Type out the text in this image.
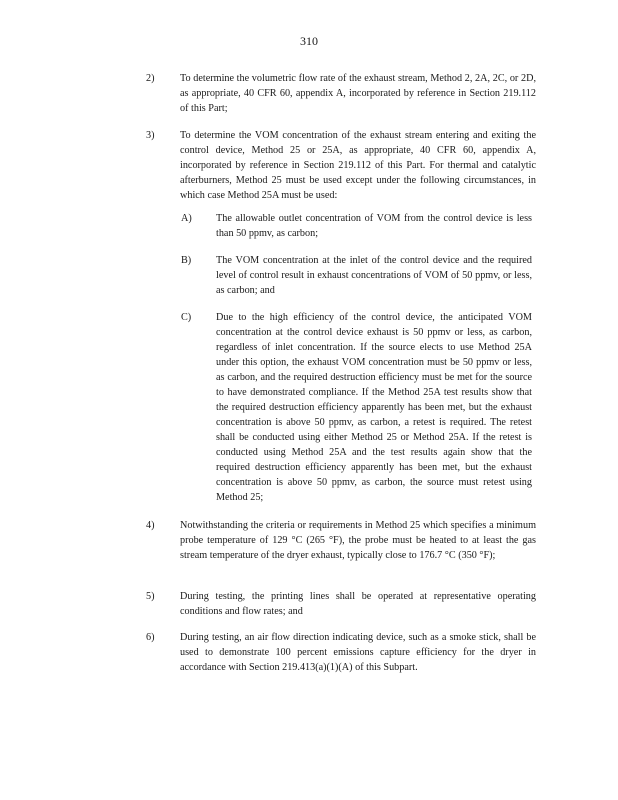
310
2)	To determine the volumetric flow rate of the exhaust stream, Method 2, 2A, 2C, or 2D, as appropriate, 40 CFR 60, appendix A, incorporated by reference in Section 219.112 of this Part;
3)	To determine the VOM concentration of the exhaust stream entering and exiting the control device, Method 25 or 25A, as appropriate, 40 CFR 60, appendix A, incorporated by reference in Section 219.112 of this Part. For thermal and catalytic afterburners, Method 25 must be used except under the following circumstances, in which case Method 25A must be used:
A) The allowable outlet concentration of VOM from the control device is less than 50 ppmv, as carbon;
B) The VOM concentration at the inlet of the control device and the required level of control result in exhaust concentrations of VOM of 50 ppmv, or less, as carbon; and
C) Due to the high efficiency of the control device, the anticipated VOM concentration at the control device exhaust is 50 ppmv or less, as carbon, regardless of inlet concentration. If the source elects to use Method 25A under this option, the exhaust VOM concentration must be 50 ppmv or less, as carbon, and the required destruction efficiency must be met for the source to have demonstrated compliance. If the Method 25A test results show that the required destruction efficiency apparently has been met, but the exhaust concentration is above 50 ppmv, as carbon, a retest is required. The retest shall be conducted using either Method 25 or Method 25A. If the retest is conducted using Method 25A and the test results again show that the required destruction efficiency apparently has been met, but the exhaust concentration is above 50 ppmv, as carbon, the source must retest using Method 25;
4)	Notwithstanding the criteria or requirements in Method 25 which specifies a minimum probe temperature of 129 °C (265 °F), the probe must be heated to at least the gas stream temperature of the dryer exhaust, typically close to 176.7 °C (350 °F);
5)	During testing, the printing lines shall be operated at representative operating conditions and flow rates; and
6)	During testing, an air flow direction indicating device, such as a smoke stick, shall be used to demonstrate 100 percent emissions capture efficiency for the dryer in accordance with Section 219.413(a)(1)(A) of this Subpart.
